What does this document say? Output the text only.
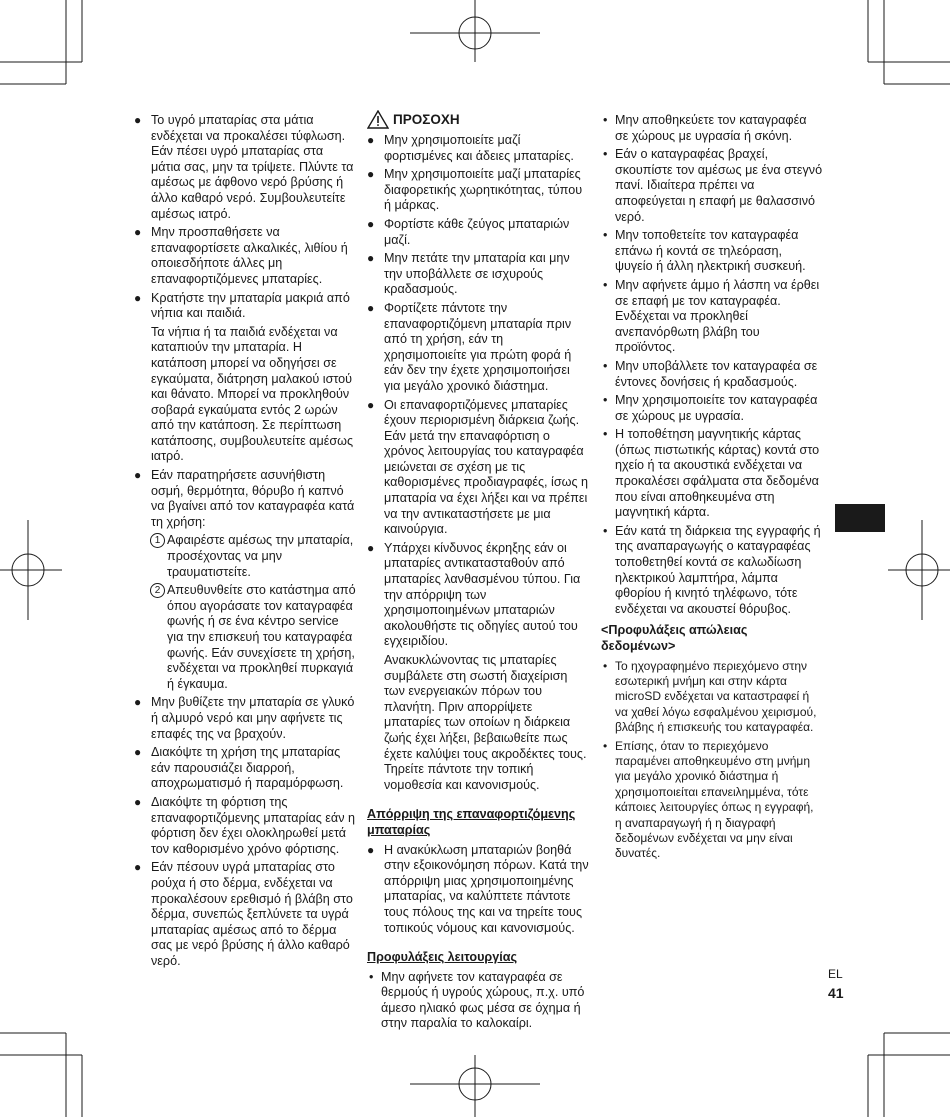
● Το υγρό μπαταρίας στα μάτια ενδέχεται να προκαλέσει τύφλωση. Εάν πέσει υγρό μπαταρίας στα μάτια σας, μην τα τρίψετε. Πλύντε τα αμέσως με άφθονο νερό βρύσης ή άλλο καθαρό νερό. Συμβουλευτείτε αμέσως ιατρό.
● Μην προσπαθήσετε να επαναφορτίσετε αλκαλικές, λιθίου ή οποιεσδήποτε άλλες μη επαναφορτιζόμενες μπαταρίες.
● Κρατήστε την μπαταρία μακριά από νήπια και παιδιά.
Τα νήπια ή τα παιδιά ενδέχεται να καταπιούν την μπαταρία. Η κατάποση μπορεί να οδηγήσει σε εγκαύματα, διάτρηση μαλακού ιστού και θάνατο. Μπορεί να προκληθούν σοβαρά εγκαύματα εντός 2 ωρών από την κατάποση. Σε περίπτωση κατάποσης, συμβουλευτείτε αμέσως ιατρό.
● Εάν παρατηρήσετε ασυνήθιστη οσμή, θερμότητα, θόρυβο ή καπνό να βγαίνει από τον καταγραφέα κατά τη χρήση:
1 Αφαιρέστε αμέσως την μπαταρία, προσέχοντας να μην τραυματιστείτε.
2 Απευθυνθείτε στο κατάστημα από όπου αγοράσατε τον καταγραφέα φωνής ή σε ένα κέντρο service για την επισκευή του καταγραφέα φωνής. Εάν συνεχίσετε τη χρήση, ενδέχεται να προκληθεί πυρκαγιά ή έγκαυμα.
● Μην βυθίζετε την μπαταρία σε γλυκό ή αλμυρό νερό και μην αφήνετε τις επαφές της να βραχούν.
● Διακόψτε τη χρήση της μπαταρίας εάν παρουσιάζει διαρροή, αποχρωματισμό ή παραμόρφωση.
● Διακόψτε τη φόρτιση της επαναφορτιζόμενης μπαταρίας εάν η φόρτιση δεν έχει ολοκληρωθεί μετά τον καθορισμένο χρόνο φόρτισης.
● Εάν πέσουν υγρά μπαταρίας στο ρούχα ή στο δέρμα, ενδέχεται να προκαλέσουν ερεθισμό ή βλάβη στο δέρμα, συνεπώς ξεπλύνετε τα υγρά μπαταρίας αμέσως από το δέρμα σας με νερό βρύσης ή άλλο καθαρό νερό.
ΠΡΟΣΟΧΗ
● Μην χρησιμοποιείτε μαζί φορτισμένες και άδειες μπαταρίες.
● Μην χρησιμοποιείτε μαζί μπαταρίες διαφορετικής χωρητικότητας, τύπου ή μάρκας.
● Φορτίστε κάθε ζεύγος μπαταριών μαζί.
● Μην πετάτε την μπαταρία και μην την υποβάλλετε σε ισχυρούς κραδασμούς.
● Φορτίζετε πάντοτε την επαναφορτιζόμενη μπαταρία πριν από τη χρήση, εάν τη χρησιμοποιείτε για πρώτη φορά ή εάν δεν την έχετε χρησιμοποιήσει για μεγάλο χρονικό διάστημα.
● Οι επαναφορτιζόμενες μπαταρίες έχουν περιορισμένη διάρκεια ζωής. Εάν μετά την επαναφόρτιση ο χρόνος λειτουργίας του καταγραφέα μειώνεται σε σχέση με τις καθορισμένες προδιαγραφές, ίσως η μπαταρία να έχει λήξει και να πρέπει να την αντικαταστήσετε με μια καινούργια.
● Υπάρχει κίνδυνος έκρηξης εάν οι μπαταρίες αντικατασταθούν από μπαταρίες λανθασμένου τύπου. Για την απόρριψη των χρησιμοποιημένων μπαταριών ακολουθήστε τις οδηγίες αυτού του εγχειριδίου.
Ανακυκλώνοντας τις μπαταρίες συμβάλετε στη σωστή διαχείριση των ενεργειακών πόρων του πλανήτη. Πριν απορρίψετε μπαταρίες των οποίων η διάρκεια ζωής έχει λήξει, βεβαιωθείτε πως έχετε καλύψει τους ακροδέκτες τους. Τηρείτε πάντοτε την τοπική νομοθεσία και κανονισμούς.
Απόρριψη της επαναφορτιζόμενης μπαταρίας
● Η ανακύκλωση μπαταριών βοηθά στην εξοικονόμηση πόρων. Κατά την απόρριψη μιας χρησιμοποιημένης μπαταρίας, να καλύπτετε πάντοτε τους πόλους της και να τηρείτε τους τοπικούς νόμους και κανονισμούς.
Προφυλάξεις λειτουργίας
• Μην αφήνετε τον καταγραφέα σε θερμούς ή υγρούς χώρους, π.χ. υπό άμεσο ηλιακό φως μέσα σε όχημα ή στην παραλία το καλοκαίρι.
• Μην αποθηκεύετε τον καταγραφέα σε χώρους με υγρασία ή σκόνη.
• Εάν ο καταγραφέας βραχεί, σκουπίστε τον αμέσως με ένα στεγνό πανί. Ιδιαίτερα πρέπει να αποφεύγεται η επαφή με θαλασσινό νερό.
• Μην τοποθετείτε τον καταγραφέα επάνω ή κοντά σε τηλεόραση, ψυγείο ή άλλη ηλεκτρική συσκευή.
• Μην αφήνετε άμμο ή λάσπη να έρθει σε επαφή με τον καταγραφέα. Ενδέχεται να προκληθεί ανεπανόρθωτη βλάβη του προϊόντος.
• Μην υποβάλλετε τον καταγραφέα σε έντονες δονήσεις ή κραδασμούς.
• Μην χρησιμοποιείτε τον καταγραφέα σε χώρους με υγρασία.
• Η τοποθέτηση μαγνητικής κάρτας (όπως πιστωτικής κάρτας) κοντά στο ηχείο ή τα ακουστικά ενδέχεται να προκαλέσει σφάλματα στα δεδομένα που είναι αποθηκευμένα στη μαγνητική κάρτα.
• Εάν κατά τη διάρκεια της εγγραφής ή της αναπαραγωγής ο καταγραφέας τοποθετηθεί κοντά σε καλωδίωση ηλεκτρικού λαμπτήρα, λάμπα φθορίου ή κινητό τηλέφωνο, τότε ενδέχεται να ακουστεί θόρυβος.
<Προφυλάξεις απώλειας δεδομένων>
• Το ηχογραφημένο περιεχόμενο στην εσωτερική μνήμη και στην κάρτα microSD ενδέχεται να καταστραφεί ή να χαθεί λόγω εσφαλμένου χειρισμού, βλάβης ή επισκευής του καταγραφέα.
• Επίσης, όταν το περιεχόμενο παραμένει αποθηκευμένο στη μνήμη για μεγάλο χρονικό διάστημα ή χρησιμοποιείται επανειλημμένα, τότε κάποιες λειτουργίες όπως η εγγραφή, η αναπαραγωγή ή η διαγραφή δεδομένων ενδέχεται να μην είναι δυνατές.
EL
41
